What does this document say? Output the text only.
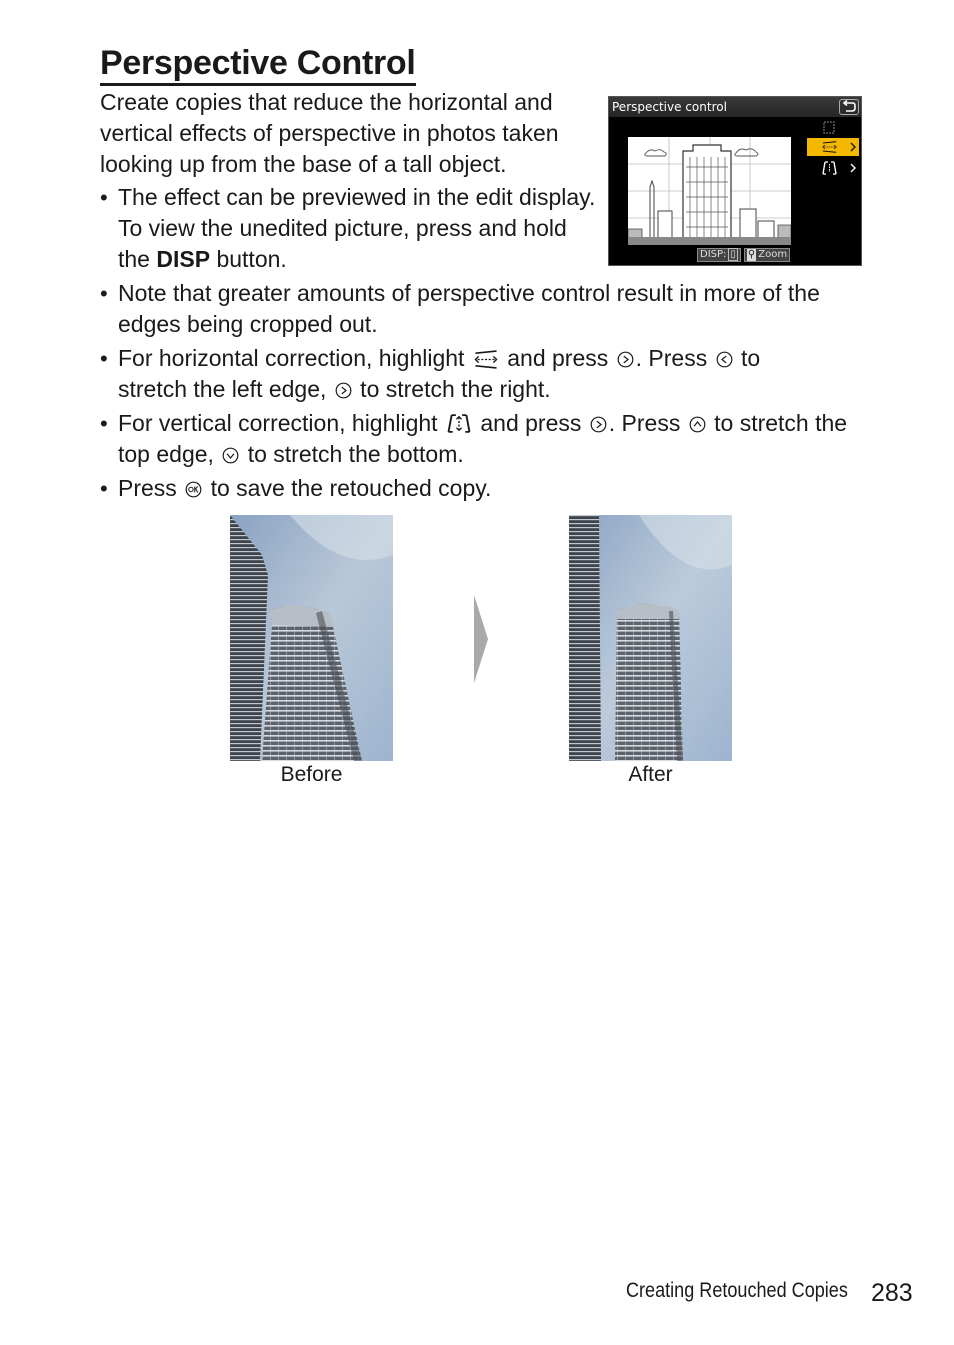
Perspective Control

Create copies that reduce the horizontal and vertical effects of perspective in photos taken looking up from the base of a tall object.

• The effect can be previewed in the edit display. To view the unedited picture, press and hold the DISP button.
• Note that greater amounts of perspective control result in more of the edges being cropped out.
• For horizontal correction, highlight  and press . Press  to stretch the left edge,  to stretch the right.
• For vertical correction, highlight  and press . Press  to stretch the top edge,  to stretch the bottom.
• Press  to save the retouched copy.
Perspective control
DISP: ▯	⚲ Zoom
Before	After
Creating Retouched Copies 283
